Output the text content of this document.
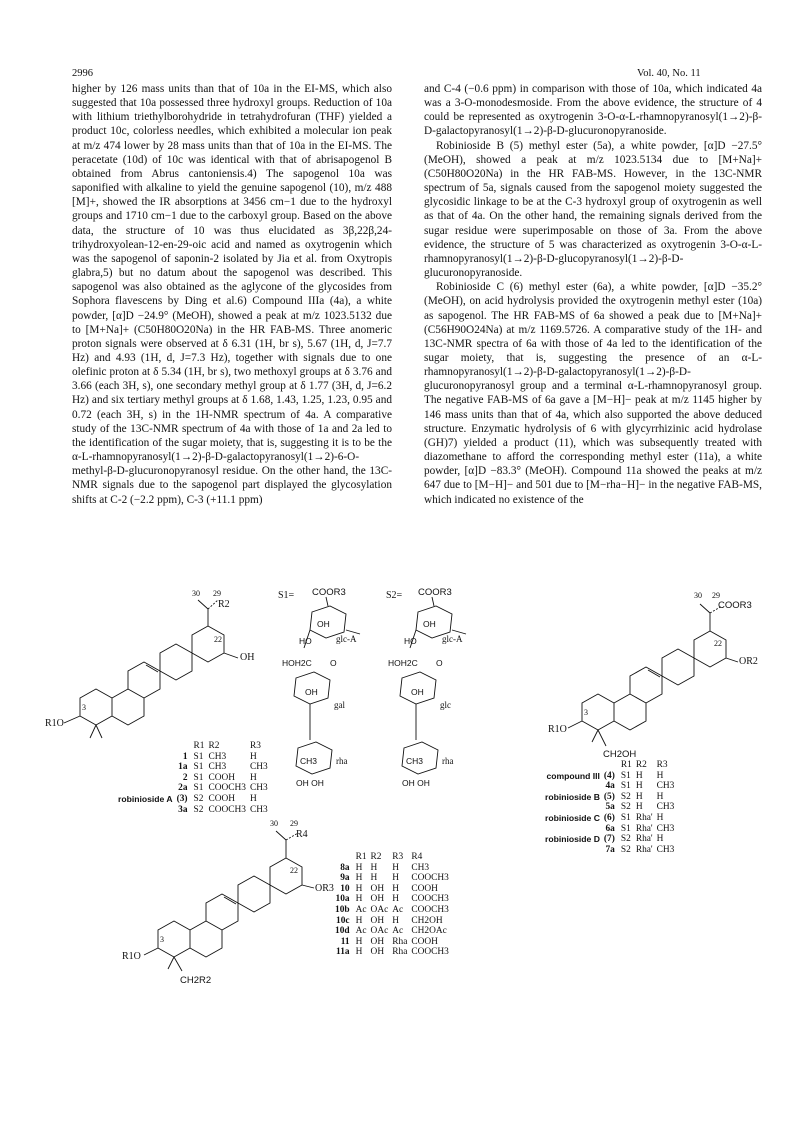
2996	Vol. 40, No. 11

higher by 126 mass units than that of 10a in the EI-MS, which also suggested that 10a possessed three hydroxyl groups. Reduction of 10a with lithium triethylborohydride in tetrahydrofuran (THF) yielded a product 10c, colorless needles, which exhibited a molecular ion peak at m/z 474 lower by 28 mass units than that of 10a in the EI-MS. The peracetate (10d) of 10c was identical with that of abrisapogenol B obtained from Abrus cantoniensis.4) The sapogenol 10a was saponified with alkaline to yield the genuine sapogenol (10), m/z 488 [M]+, showed the IR absorptions at 3456 cm−1 due to the hydroxyl groups and 1710 cm−1 due to the carboxyl group. Based on the above data, the structure of 10 was thus elucidated as 3β,22β,24-trihydroxyolean-12-en-29-oic acid and named as oxytrogenin which was the sapogenol of saponin-2 isolated by Jia et al. from Oxytropis glabra,5) but no datum about the sapogenol was described. This sapogenol was also obtained as the aglycone of the glycosides from Sophora flavescens by Ding et al.6) Compound IIIa (4a), a white powder, [α]D −24.9° (MeOH), showed a peak at m/z 1023.5132 due to [M+Na]+ (C50H80O20Na) in the HR FAB-MS. Three anomeric proton signals were observed at δ 6.31 (1H, br s), 5.67 (1H, d, J=7.7 Hz) and 4.93 (1H, d, J=7.3 Hz), together with signals due to one olefinic proton at δ 5.34 (1H, br s), two methoxyl groups at δ 3.76 and 3.66 (each 3H, s), one secondary methyl group at δ 1.77 (3H, d, J=6.2 Hz) and six tertiary methyl groups at δ 1.68, 1.43, 1.25, 1.23, 0.95 and 0.72 (each 3H, s) in the 1H-NMR spectrum of 4a. A comparative study of the 13C-NMR spectrum of 4a with those of 1a and 2a led to the identification of the sugar moiety, that is, suggesting it is to be the α-L-rhamnopyranosyl(1→2)-β-D-galactopyranosyl(1→2)-6-O-methyl-β-D-glucuronopyranosyl residue. On the other hand, the 13C-NMR signals due to the sapogenol part displayed the glycosylation shifts at C-2 (−2.2 ppm), C-3 (+11.1 ppm)

and C-4 (−0.6 ppm) in comparison with those of 10a, which indicated 4a was a 3-O-monodesmoside. From the above evidence, the structure of 4 could be represented as oxytrogenin 3-O-α-L-rhamnopyranosyl(1→2)-β-D-galactopyranosyl(1→2)-β-D-glucuronopyranoside.

Robinioside B (5) methyl ester (5a), a white powder, [α]D −27.5° (MeOH), showed a peak at m/z 1023.5134 due to [M+Na]+ (C50H80O20Na) in the HR FAB-MS. However, in the 13C-NMR spectrum of 5a, signals caused from the sapogenol moiety suggested the glycosidic linkage to be at the C-3 hydroxyl group of oxytrogenin as well as that of 4a. On the other hand, the remaining signals derived from the sugar residue were superimposable on those of 3a. From the above evidence, the structure of 5 was characterized as oxytrogenin 3-O-α-L-rhamnopyranosyl(1→2)-β-D-glucopyranosyl(1→2)-β-D-glucuronopyranoside.

Robinioside C (6) methyl ester (6a), a white powder, [α]D −35.2° (MeOH), on acid hydrolysis provided the oxytrogenin methyl ester (10a) as sapogenol. The HR FAB-MS of 6a showed a peak due to [M+Na]+ (C56H90O24Na) at m/z 1169.5726. A comparative study of the 1H- and 13C-NMR spectra of 6a with those of 4a led to the identification of the sugar moiety, that is, suggesting the presence of an α-L-rhamnopyranosyl(1→2)-β-D-galactopyranosyl(1→2)-β-D-glucuronopyranosyl group and a terminal α-L-rhamnopyranosyl group. The negative FAB-MS of 6a gave a [M−H]− peak at m/z 1145 higher by 146 mass units than that of 4a, which also supported the above deduced structure. Enzymatic hydrolysis of 6 with glycyrrhizinic acid hydrolase (GH)7) yielded a product (11), which was subsequently treated with diazomethane to afford the corresponding methyl ester (11a), a white powder, [α]D −83.3° (MeOH). Compound 11a showed the peaks at m/z 647 due to [M−H]− and 501 due to [M−rha−H]− in the negative FAB-MS, which indicated no existence of the

30 29
R2
22
OH
R1O
3
S1= COOR3
OH
HO	glc-A
HOH2C O
OH
gal
CH3 rha
OH OH
S2= COOR3
OH
HO	glc-A
HOH2C O
OH
glc
CH3 rha
OH OH
30 29
COOR3
22
OR2
R1O
3
CH2OH
30 29
R4
22
OR3
R1O
3
CH2R2
		R1	R2	R3
	1	S1	CH3	H
	1a	S1	CH3	CH3
	2	S1	COOH	H
	2a	S1	COOCH3	CH3
robinioside A	(3)	S2	COOH	H
	3a	S2	COOCH3	CH3
		R1	R2	R3
compound III	(4)	S1	H	H
	4a	S1	H	CH3
robinioside B	(5)	S2	H	H
	5a	S2	H	CH3
robinioside C	(6)	S1	Rha'	H
	6a	S1	Rha'	CH3
robinioside D	(7)	S2	Rha'	H
	7a	S2	Rha'	CH3
	R1	R2	R3	R4
8a	H	H	H	CH3
9a	H	H	H	COOCH3
10	H	OH	H	COOH
10a	H	OH	H	COOCH3
10b	Ac	OAc	Ac	COOCH3
10c	H	OH	H	CH2OH
10d	Ac	OAc	Ac	CH2OAc
11	H	OH	Rha	COOH
11a	H	OH	Rha	COOCH3
